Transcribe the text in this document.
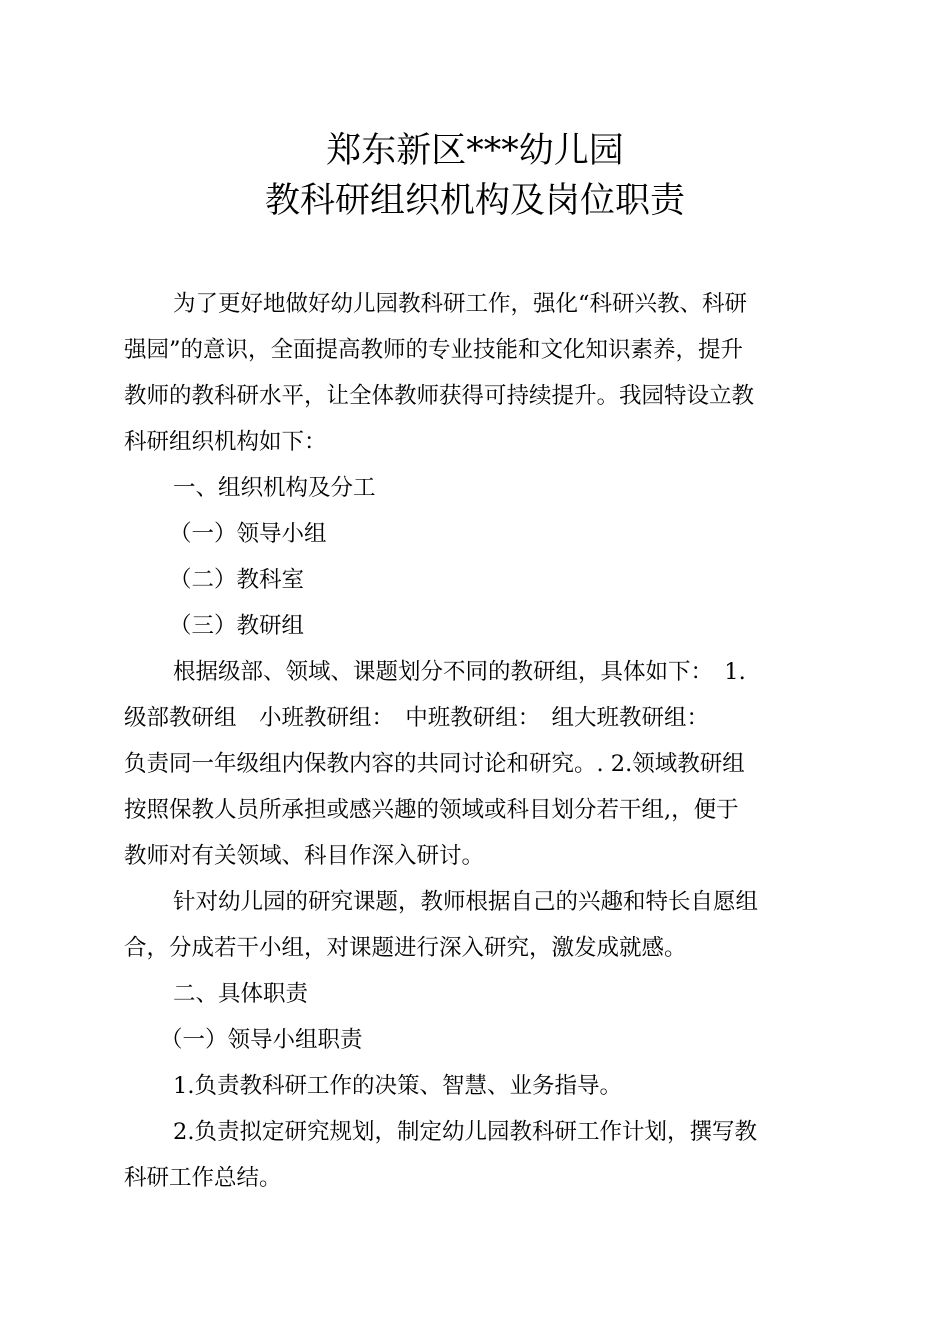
郑东新区***幼儿园
教科研组织机构及岗位职责
为了更好地做好幼儿园教科研工作，强化“科研兴教、科研
强园”的意识，全面提高教师的专业技能和文化知识素养，提升
教师的教科研水平，让全体教师获得可持续提升。我园特设立教
科研组织机构如下：
一、组织机构及分工
（一）领导小组
（二）教科室
（三）教研组
根据级部、领域、课题划分不同的教研组，具体如下：　1.
级部教研组　小班教研组：　中班教研组：　组大班教研组：
负责同一年级组内保教内容的共同讨论和研究。. 2.领域教研组
按照保教人员所承担或感兴趣的领域或科目划分若干组,，便于
教师对有关领域、科目作深入研讨。
针对幼儿园的研究课题，教师根据自己的兴趣和特长自愿组
合，分成若干小组，对课题进行深入研究，激发成就感。
二、具体职责
（一）领导小组职责
1.负责教科研工作的决策、智慧、业务指导。
2.负责拟定研究规划，制定幼儿园教科研工作计划，撰写教
科研工作总结。
